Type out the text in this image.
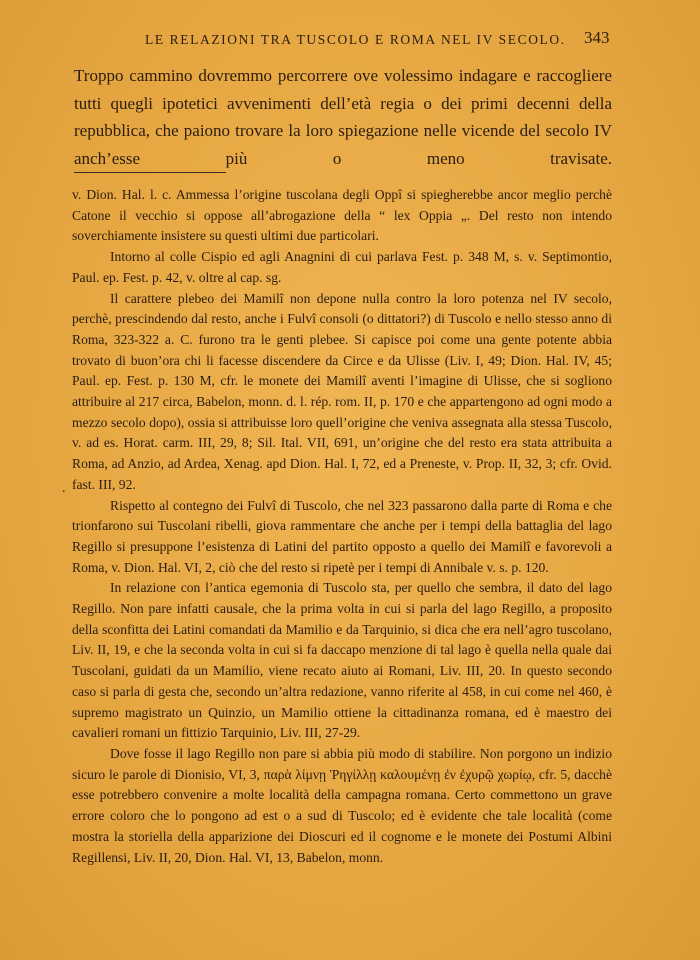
LE RELAZIONI TRA TUSCOLO E ROMA NEL IV SECOLO. 343

Troppo cammino dovremmo percorrere ove volessimo indagare e raccogliere tutti quegli ipotetici avvenimenti dell’età regia o dei primi decenni della repubblica, che paiono trovare la loro spiegazione nelle vicende del secolo IV anch’esse più o meno travisate.

v. Dion. Hal. l. c. Ammessa l’origine tuscolana degli Oppî si spiegherebbe ancor meglio perchè Catone il vecchio si oppose all’abrogazione della “ lex Oppia „. Del resto non intendo soverchiamente insistere su questi ultimi due particolari.

Intorno al colle Cispio ed agli Anagnini di cui parlava Fest. p. 348 M, s. v. Septimontio, Paul. ep. Fest. p. 42, v. oltre al cap. sg.

Il carattere plebeo dei Mamilî non depone nulla contro la loro potenza nel IV secolo, perchè, prescindendo dal resto, anche i Fulvî consoli (o dittatori?) di Tuscolo e nello stesso anno di Roma, 323-322 a. C. furono tra le genti plebee. Si capisce poi come una gente potente abbia trovato di buon’ora chi li facesse discendere da Circe e da Ulisse (Liv. I, 49; Dion. Hal. IV, 45; Paul. ep. Fest. p. 130 M, cfr. le monete dei Mamilî aventi l’imagine di Ulisse, che si sogliono attribuire al 217 circa, Babelon, monn. d. l. rép. rom. II, p. 170 e che appartengono ad ogni modo a mezzo secolo dopo), ossia si attribuisse loro quell’origine che veniva assegnata alla stessa Tuscolo, v. ad es. Horat. carm. III, 29, 8; Sil. Ital. VII, 691, un’origine che del resto era stata attribuita a Roma, ad Anzio, ad Ardea, Xenag. apd Dion. Hal. I, 72, ed a Preneste, v. Prop. II, 32, 3; cfr. Ovid. fast. III, 92.

Rispetto al contegno dei Fulvî di Tuscolo, che nel 323 passarono dalla parte di Roma e che trionfarono sui Tuscolani ribelli, giova rammentare che anche per i tempi della battaglia del lago Regillo si presuppone l’esistenza di Latini del partito opposto a quello dei Mamilî e favorevoli a Roma, v. Dion. Hal. VI, 2, ciò che del resto si ripetè per i tempi di Annibale v. s. p. 120.

In relazione con l’antica egemonia di Tuscolo sta, per quello che sembra, il dato del lago Regillo. Non pare infatti causale, che la prima volta in cui si parla del lago Regillo, a proposito della sconfitta dei Latini comandati da Mamilio e da Tarquinio, si dica che era nell’agro tuscolano, Liv. II, 19, e che la seconda volta in cui si fa daccapo menzione di tal lago è quella nella quale dai Tuscolani, guidati da un Mamilio, viene recato aiuto ai Romani, Liv. III, 20. In questo secondo caso si parla di gesta che, secondo un’altra redazione, vanno riferite al 458, in cui come nel 460, è supremo magistrato un Quinzio, un Mamilio ottiene la cittadinanza romana, ed è maestro dei cavalieri romani un fittizio Tarquinio, Liv. III, 27-29.

Dove fosse il lago Regillo non pare si abbia più modo di stabilire. Non porgono un indizio sicuro le parole di Dionisio, VI, 3, παρὰ λίμνῃ Ῥηγίλλῃ καλουμένῃ ἐν ἐχυρῷ χωρίῳ, cfr. 5, dacchè esse potrebbero convenire a molte località della campagna romana. Certo commettono un grave errore coloro che lo pongono ad est o a sud di Tuscolo; ed è evidente che tale località (come mostra la storiella della apparizione dei Dioscuri ed il cognome e le monete dei Postumi Albini Regillensi, Liv. II, 20, Dion. Hal. VI, 13, Babelon, monn.

.
